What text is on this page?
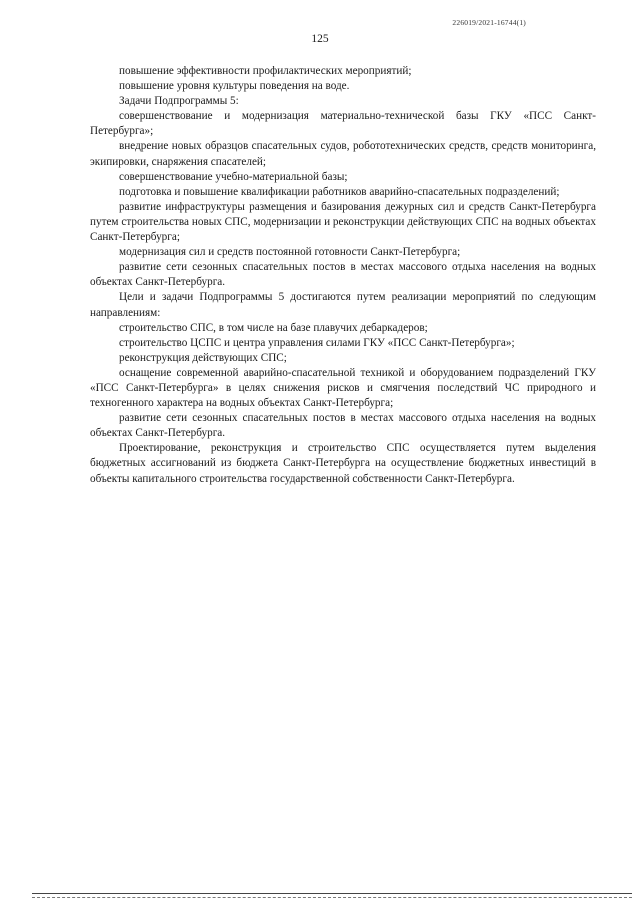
226019/2021-16744(1)
125

повышение эффективности профилактических мероприятий;

повышение уровня культуры поведения на воде.

Задачи Подпрограммы 5:

совершенствование и модернизация материально-технической базы ГКУ «ПСС Санкт-Петербурга»;

внедрение новых образцов спасательных судов, робототехнических средств, средств мониторинга, экипировки, снаряжения спасателей;

совершенствование учебно-материальной базы;

подготовка и повышение квалификации работников аварийно-спасательных подразделений;

развитие инфраструктуры размещения и базирования дежурных сил и средств Санкт-Петербурга путем строительства новых СПС, модернизации и реконструкции действующих СПС на водных объектах Санкт-Петербурга;

модернизация сил и средств постоянной готовности Санкт-Петербурга;

развитие сети сезонных спасательных постов в местах массового отдыха населения на водных объектах Санкт-Петербурга.

Цели и задачи Подпрограммы 5 достигаются путем реализации мероприятий по следующим направлениям:

строительство СПС, в том числе на базе плавучих дебаркадеров;

строительство ЦСПС и центра управления силами ГКУ «ПСС Санкт-Петербурга»;

реконструкция действующих СПС;

оснащение современной аварийно-спасательной техникой и оборудованием подразделений ГКУ «ПСС Санкт-Петербурга» в целях снижения рисков и смягчения последствий ЧС природного и техногенного характера на водных объектах Санкт-Петербурга;

развитие сети сезонных спасательных постов в местах массового отдыха населения на водных объектах Санкт-Петербурга.

Проектирование, реконструкция и строительство СПС осуществляется путем выделения бюджетных ассигнований из бюджета Санкт-Петербурга на осуществление бюджетных инвестиций в объекты капитального строительства государственной собственности Санкт-Петербурга.
